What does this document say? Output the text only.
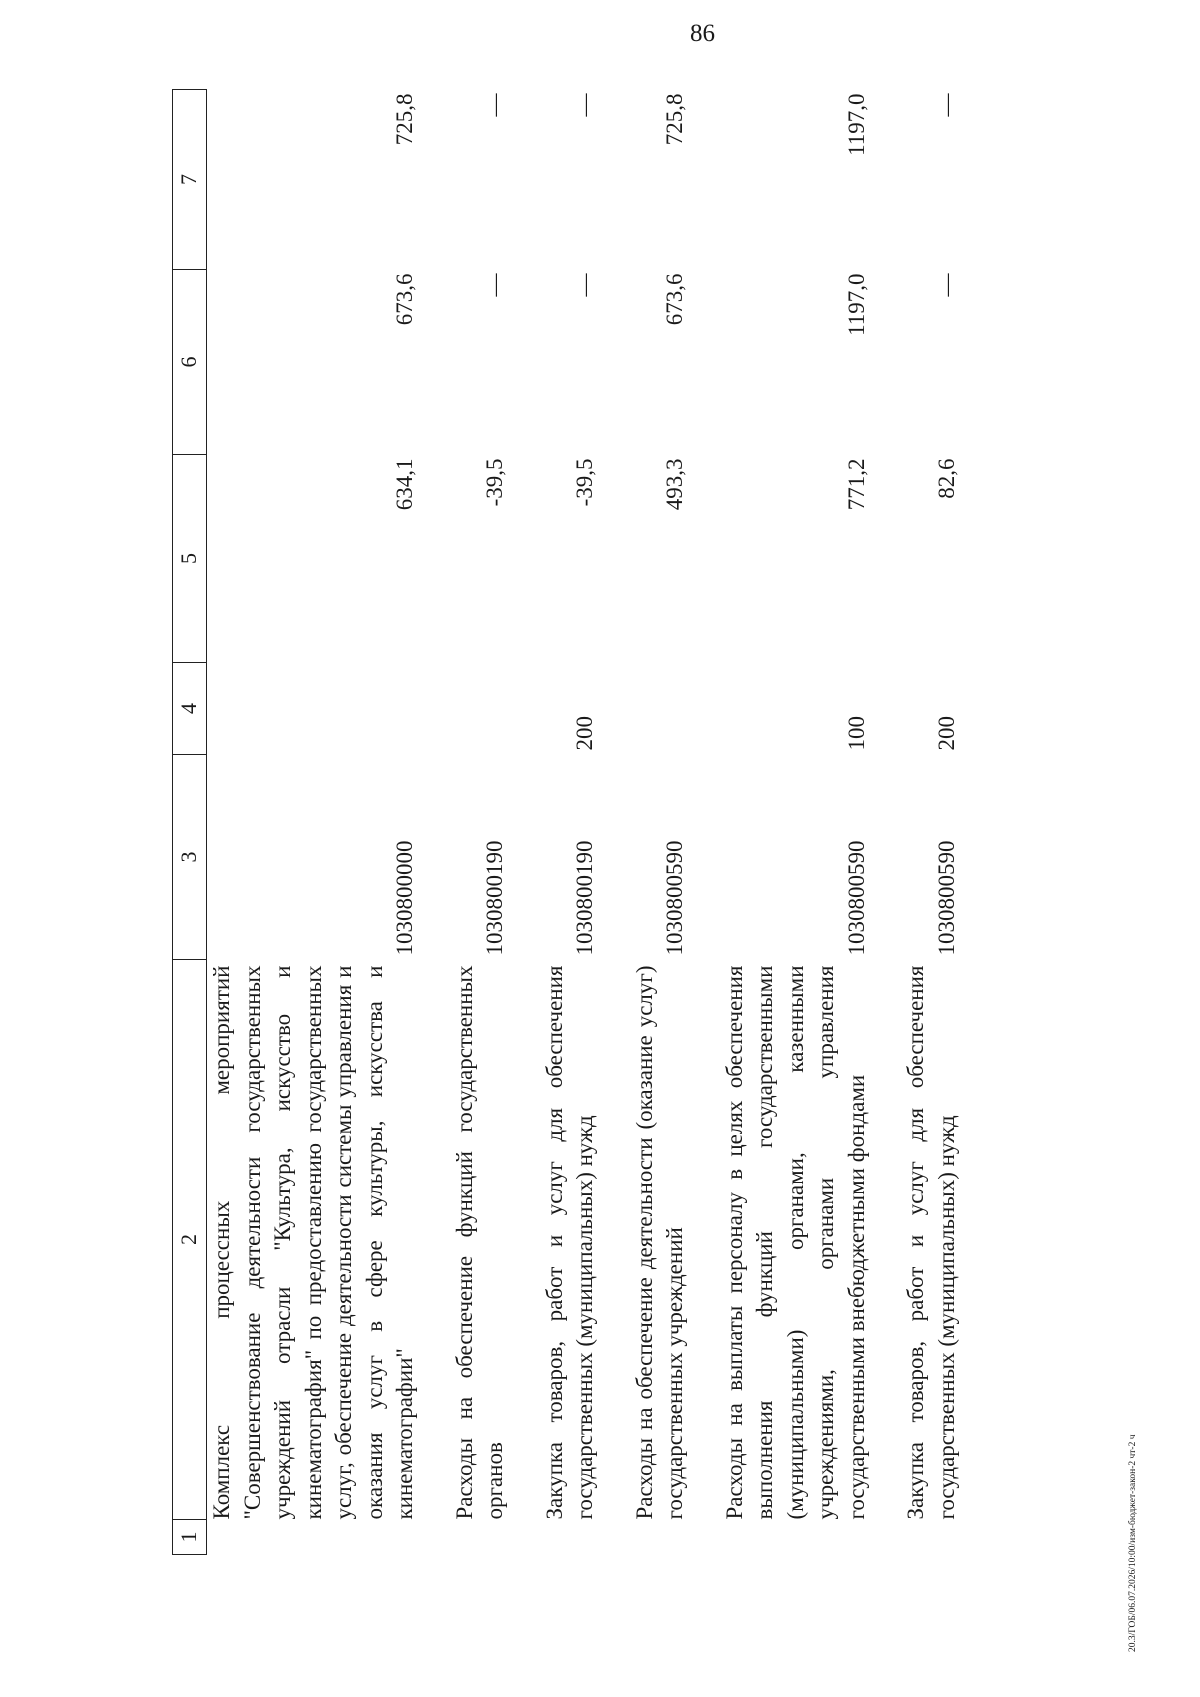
86
20.3/ГОБ/06.07.2026/10:00/изм-бюджет-закон-2 чт-2 ч
1	2	3	4	5	6	7
	Комплекс процессных мероприятий "Совершенствование деятельности государственных учреждений отрасли "Культура, искусство и кинематография" по предоставлению государственных услуг, обеспечение деятельности системы управления и оказания услуг в сфере культуры, искусства и кинематографии"	1030800000		634,1	673,6	725,8
	Расходы на обеспечение функций государственных органов	1030800190		-39,5	—	—
	Закупка товаров, работ и услуг для обеспечения государственных (муниципальных) нужд	1030800190	200	-39,5	—	—
	Расходы на обеспечение деятельности (оказание услуг) государственных учреждений	1030800590		493,3	673,6	725,8
	Расходы на выплаты персоналу в целях обеспечения выполнения функций государственными (муниципальными) органами, казенными учреждениями, органами управления государственными внебюджетными фондами	1030800590	100	771,2	1197,0	1197,0
	Закупка товаров, работ и услуг для обеспечения государственных (муниципальных) нужд	1030800590	200	82,6	—	—
